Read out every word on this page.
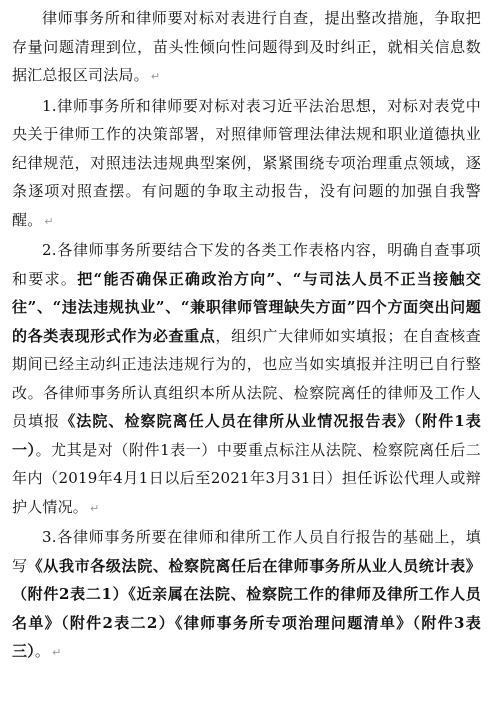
律师事务所和律师要对标对表进行自查，提出整改措施，争取把存量问题清理到位，苗头性倾向性问题得到及时纠正，就相关信息数据汇总报区司法局。 ↵

1.律师事务所和律师要对标对表习近平法治思想，对标对表党中央关于律师工作的决策部署，对照律师管理法律法规和职业道德执业纪律规范，对照违法违规典型案例，紧紧围绕专项治理重点领域，逐条逐项对照查摆。有问题的争取主动报告，没有问题的加强自我警醒。 ↵

2.各律师事务所要结合下发的各类工作表格内容，明确自查事项和要求。把“能否确保正确政治方向”、“与司法人员不正当接触交往”、“违法违规执业”、“兼职律师管理缺失方面”四个方面突出问题的各类表现形式作为必查重点，组织广大律师如实填报；在自查核查期间已经主动纠正违法违规行为的，也应当如实填报并注明已自行整改。各律师事务所认真组织本所从法院、检察院离任的律师及工作人员填报《法院、检察院离任人员在律所从业情况报告表》（附件1表一）。尤其是对（附件1表一）中要重点标注从法院、检察院离任后二年内（2019年4月1日以后至2021年3月31日）担任诉讼代理人或辩护人情况。 ↵

3.各律师事务所要在律师和律所工作人员自行报告的基础上，填写《从我市各级法院、检察院离任后在律师事务所从业人员统计表》（附件2表二1）《近亲属在法院、检察院工作的律师及律所工作人员名单》（附件2表二2）《律师事务所专项治理问题清单》（附件3表三）。 ↵
